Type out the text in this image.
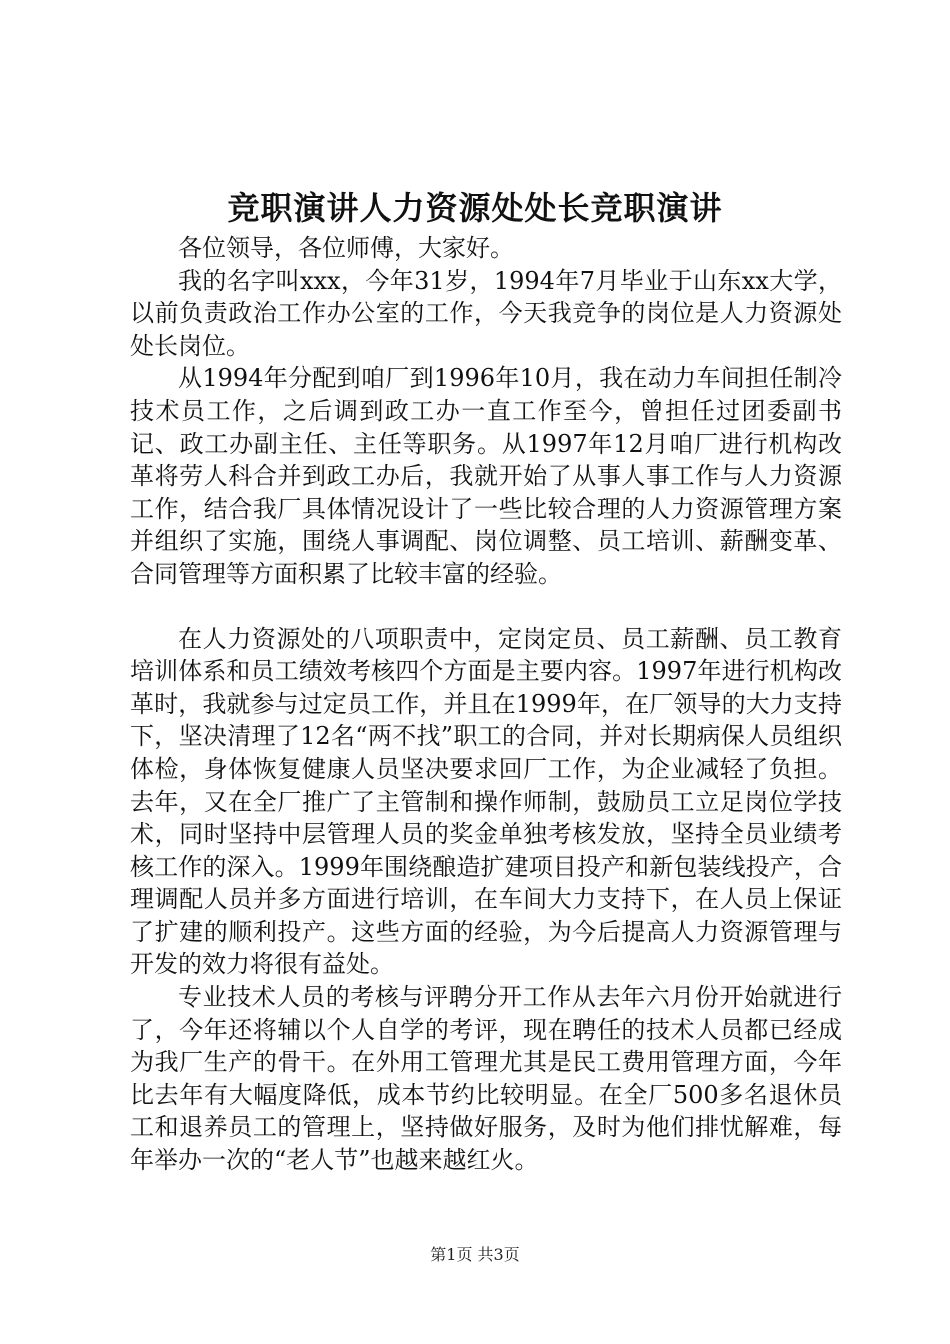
竞职演讲人力资源处处长竞职演讲

各位领导，各位师傅，大家好。

我的名字叫xxx，今年31岁，1994年7月毕业于山东xx大学，以前负责政治工作办公室的工作，今天我竞争的岗位是人力资源处处长岗位。

从1994年分配到咱厂到1996年10月，我在动力车间担任制冷技术员工作，之后调到政工办一直工作至今，曾担任过团委副书记、政工办副主任、主任等职务。从1997年12月咱厂进行机构改革将劳人科合并到政工办后，我就开始了从事人事工作与人力资源工作，结合我厂具体情况设计了一些比较合理的人力资源管理方案并组织了实施，围绕人事调配、岗位调整、员工培训、薪酬变革、合同管理等方面积累了比较丰富的经验。

在人力资源处的八项职责中，定岗定员、员工薪酬、员工教育培训体系和员工绩效考核四个方面是主要内容。1997年进行机构改革时，我就参与过定员工作，并且在1999年，在厂领导的大力支持下，坚决清理了12名“两不找”职工的合同，并对长期病保人员组织体检，身体恢复健康人员坚决要求回厂工作，为企业减轻了负担。去年，又在全厂推广了主管制和操作师制，鼓励员工立足岗位学技术，同时坚持中层管理人员的奖金单独考核发放，坚持全员业绩考核工作的深入。1999年围绕酿造扩建项目投产和新包装线投产，合理调配人员并多方面进行培训，在车间大力支持下，在人员上保证了扩建的顺利投产。这些方面的经验，为今后提高人力资源管理与开发的效力将很有益处。

专业技术人员的考核与评聘分开工作从去年六月份开始就进行了，今年还将辅以个人自学的考评，现在聘任的技术人员都已经成为我厂生产的骨干。在外用工管理尤其是民工费用管理方面，今年比去年有大幅度降低，成本节约比较明显。在全厂500多名退休员工和退养员工的管理上，坚持做好服务，及时为他们排忧解难，每年举办一次的“老人节”也越来越红火。

第1页 共3页
